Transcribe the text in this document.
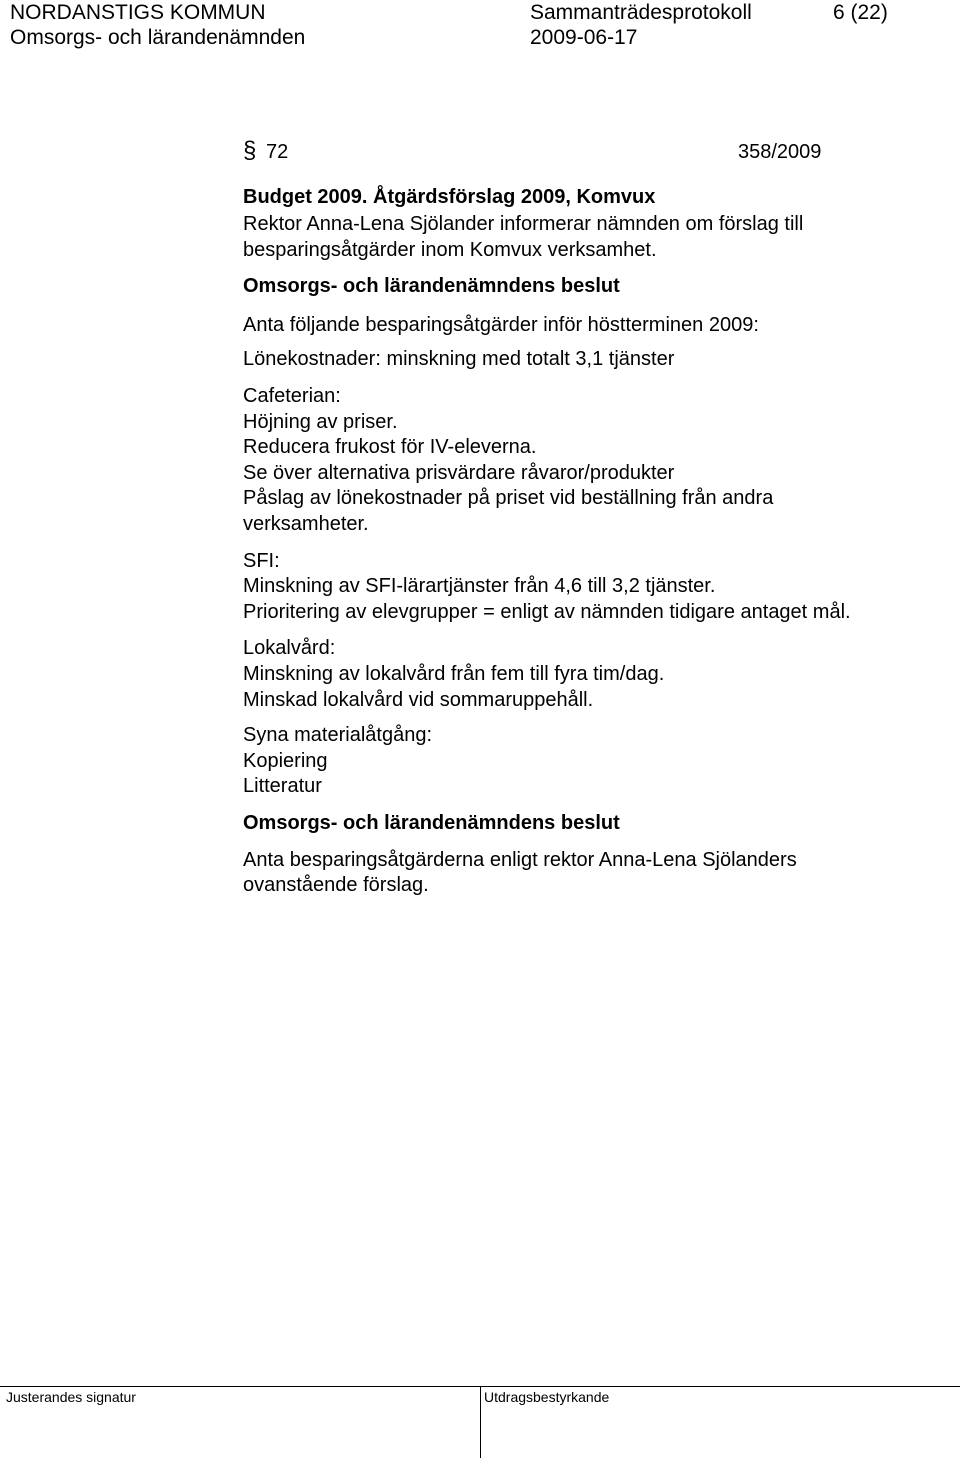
NORDANSTIGS KOMMUN
Omsorgs- och lärandenämnden
Sammanträdesprotokoll
2009-06-17
6 (22)
§ 72	358/2009
Budget 2009. Åtgärdsförslag 2009, Komvux
Rektor Anna-Lena Sjölander informerar nämnden om förslag till
besparingsåtgärder inom Komvux verksamhet.
Omsorgs- och lärandenämndens beslut
Anta följande besparingsåtgärder inför höstterminen 2009:
Lönekostnader: minskning med totalt 3,1 tjänster
Cafeterian:
Höjning av priser.
Reducera frukost för IV-eleverna.
Se över alternativa prisvärdare råvaror/produkter
Påslag av lönekostnader på priset vid beställning från andra
verksamheter.
SFI:
Minskning av SFI-lärartjänster från 4,6 till 3,2 tjänster.
Prioritering av elevgrupper = enligt av nämnden tidigare antaget mål.
Lokalvård:
Minskning av lokalvård från fem till fyra tim/dag.
Minskad lokalvård vid sommaruppehåll.
Syna materialåtgång:
Kopiering
Litteratur
Omsorgs- och lärandenämndens beslut
Anta besparingsåtgärderna enligt rektor Anna-Lena Sjölanders
ovanstående förslag.
Justerandes signatur	Utdragsbestyrkande
